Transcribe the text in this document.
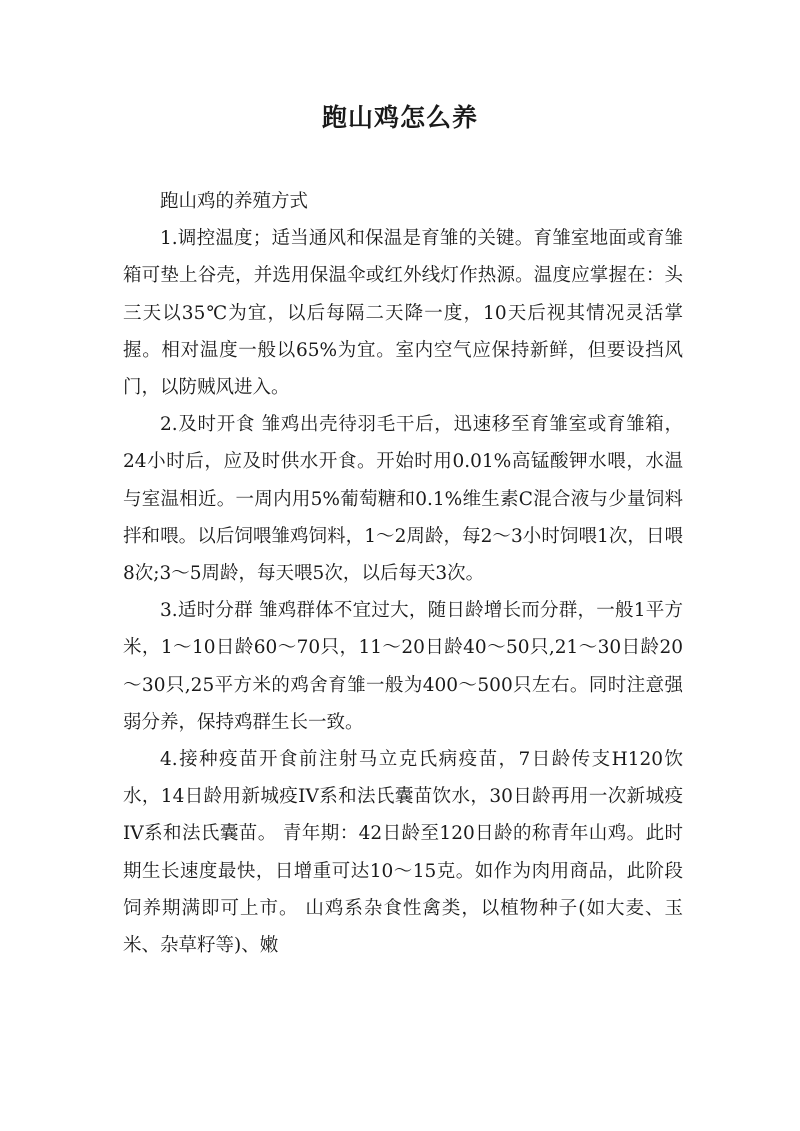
跑山鸡怎么养

跑山鸡的养殖方式

1.调控温度；适当通风和保温是育雏的关键。育雏室地面或育雏箱可垫上谷壳，并选用保温伞或红外线灯作热源。温度应掌握在：头三天以35℃为宜，以后每隔二天降一度，10天后视其情况灵活掌握。相对温度一般以65%为宜。室内空气应保持新鲜，但要设挡风门，以防贼风进入。

2.及时开食 雏鸡出壳待羽毛干后，迅速移至育雏室或育雏箱，24小时后，应及时供水开食。开始时用0.01%高锰酸钾水喂，水温与室温相近。一周内用5%葡萄糖和0.1%维生素C混合液与少量饲料拌和喂。以后饲喂雏鸡饲料，1～2周龄，每2～3小时饲喂1次，日喂8次;3～5周龄，每天喂5次，以后每天3次。

3.适时分群 雏鸡群体不宜过大，随日龄增长而分群，一般1平方米，1～10日龄60～70只，11～20日龄40～50只,21～30日龄20～30只,25平方米的鸡舍育雏一般为400～500只左右。同时注意强弱分养，保持鸡群生长一致。

4.接种疫苗开食前注射马立克氏病疫苗，7日龄传支H120饮水，14日龄用新城疫IV系和法氏囊苗饮水，30日龄再用一次新城疫IV系和法氏囊苗。 青年期：42日龄至120日龄的称青年山鸡。此时期生长速度最快，日增重可达10～15克。如作为肉用商品，此阶段饲养期满即可上市。 山鸡系杂食性禽类，以植物种子(如大麦、玉米、杂草籽等)、嫩
